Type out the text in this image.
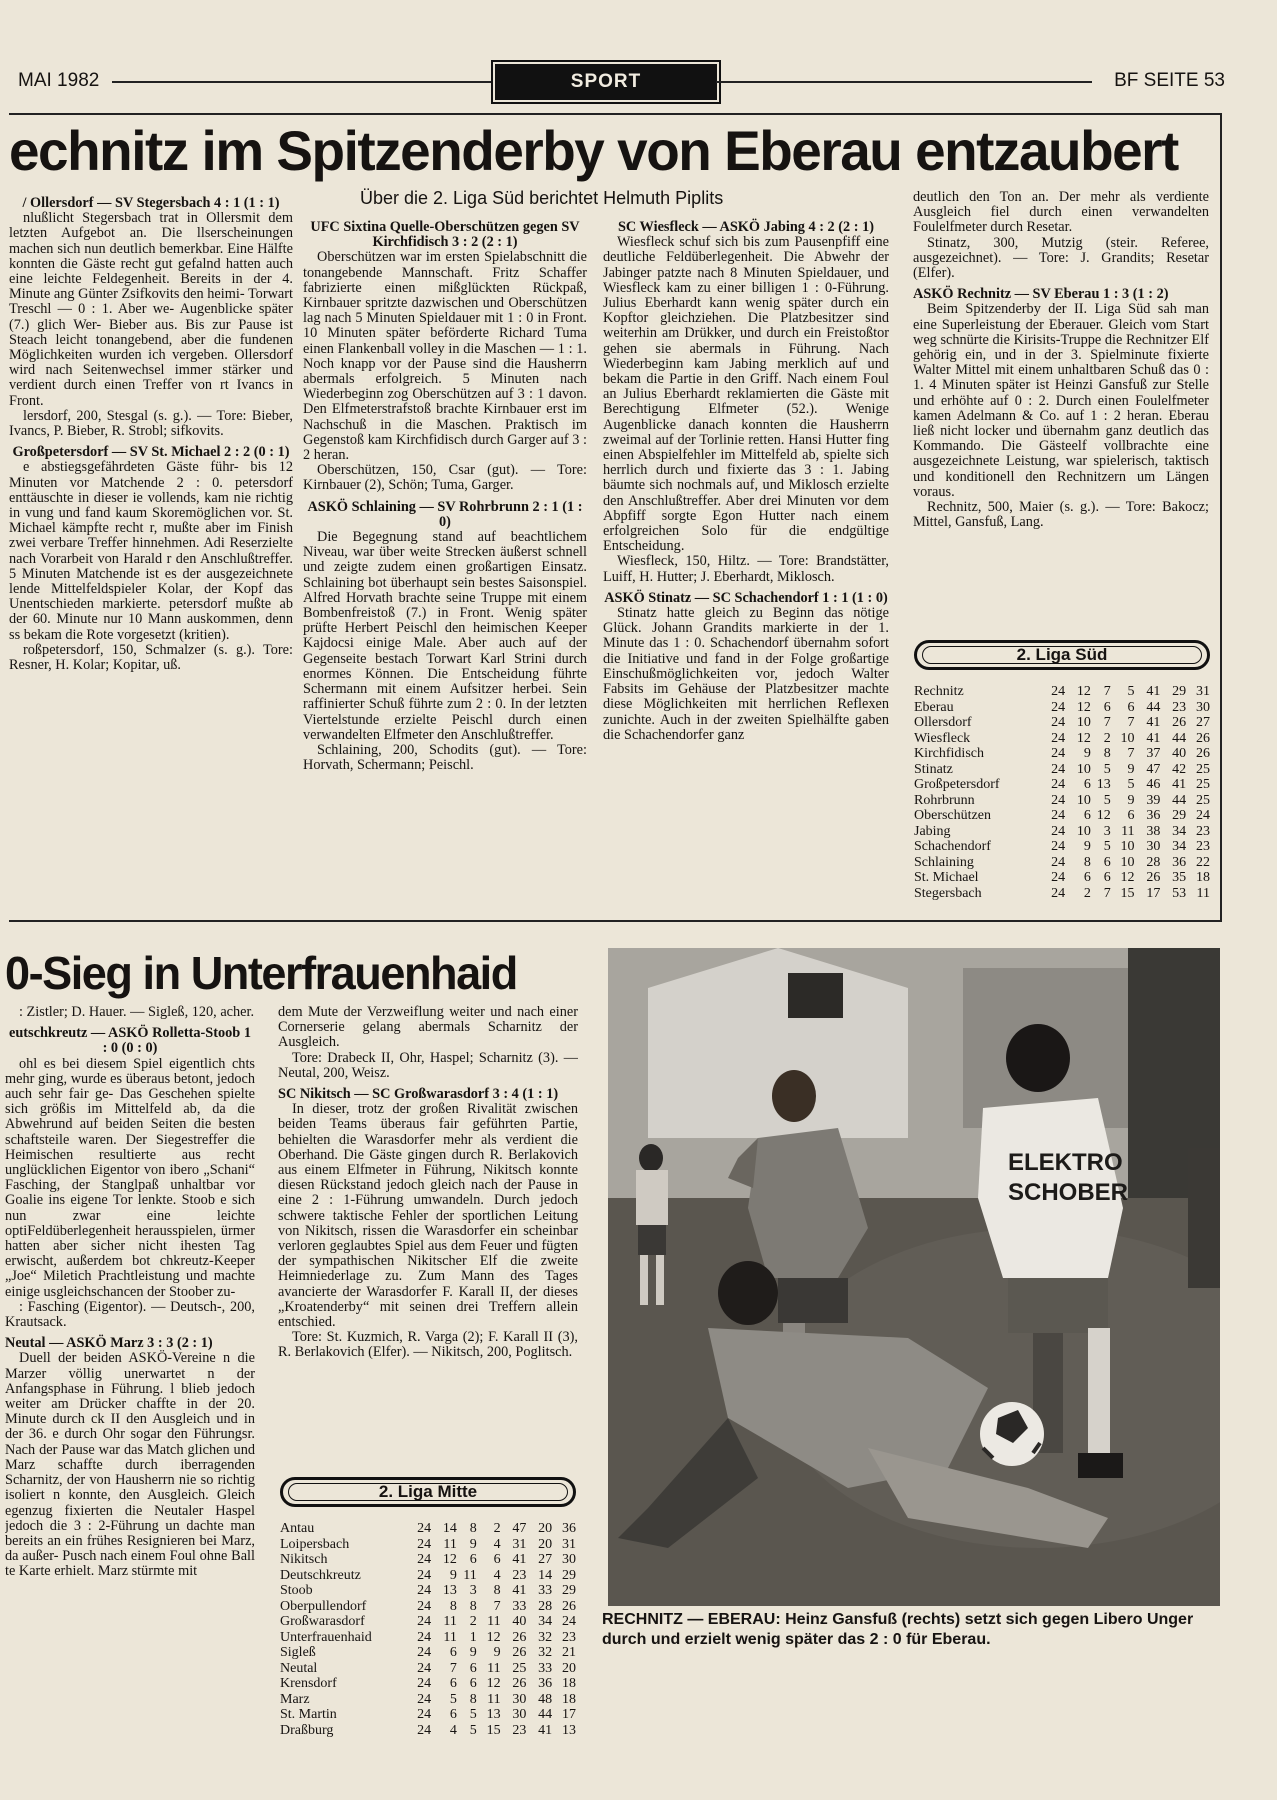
MAI 1982	SPORT	BF SEITE 53
echnitz im Spitzenderby von Eberau entzaubert
Über die 2. Liga Süd berichtet Helmuth Piplits

/ Ollersdorf — SV Stegersbach 4 : 1 (1 : 1)

nlußlicht Stegersbach trat in Ollersmit dem letzten Aufgebot an. Die llserscheinungen machen sich nun deutlich bemerkbar. Eine Hälfte konnten die Gäste recht gut gefalnd hatten auch eine leichte Feldegenheit. Bereits in der 4. Minute ang Günter Zsifkovits den heimi- Torwart Treschl — 0 : 1. Aber we- Augenblicke später (7.) glich Wer- Bieber aus. Bis zur Pause ist Steach leicht tonangebend, aber die fundenen Möglichkeiten wurden ich vergeben. Ollersdorf wird nach Seitenwechsel immer stärker und verdient durch einen Treffer von rt Ivancs in Front.

lersdorf, 200, Stesgal (s. g.). — Tore: Bieber, Ivancs, P. Bieber, R. Strobl; sifkovits.

Großpetersdorf — SV St. Michael 2 : 2 (0 : 1)

e abstiegsgefährdeten Gäste führ- bis 12 Minuten vor Matchende 2 : 0. petersdorf enttäuschte in dieser ie vollends, kam nie richtig in vung und fand kaum Skoremöglichen vor. St. Michael kämpfte recht r, mußte aber im Finish zwei verbare Treffer hinnehmen. Adi Reserzielte nach Vorarbeit von Harald r den Anschlußtreffer. 5 Minuten Matchende ist es der ausgezeichnete lende Mittelfeldspieler Kolar, der Kopf das Unentschieden markierte. petersdorf mußte ab der 60. Minute nur 10 Mann auskommen, denn ss bekam die Rote vorgesetzt (kritien).

roßpetersdorf, 150, Schmalzer (s. g.). Tore: Resner, H. Kolar; Kopitar, uß.

UFC Sixtina Quelle-Oberschützen gegen SV Kirchfidisch 3 : 2 (2 : 1)

Oberschützen war im ersten Spielabschnitt die tonangebende Mannschaft. Fritz Schaffer fabrizierte einen mißglückten Rückpaß, Kirnbauer spritzte dazwischen und Oberschützen lag nach 5 Minuten Spieldauer mit 1 : 0 in Front. 10 Minuten später beförderte Richard Tuma einen Flankenball volley in die Maschen — 1 : 1. Noch knapp vor der Pause sind die Hausherrn abermals erfolgreich. 5 Minuten nach Wiederbeginn zog Oberschützen auf 3 : 1 davon. Den Elfmeterstrafstoß brachte Kirnbauer erst im Nachschuß in die Maschen. Praktisch im Gegenstoß kam Kirchfidisch durch Garger auf 3 : 2 heran.

Oberschützen, 150, Csar (gut). — Tore: Kirnbauer (2), Schön; Tuma, Garger.

ASKÖ Schlaining — SV Rohrbrunn 2 : 1 (1 : 0)

Die Begegnung stand auf beachtlichem Niveau, war über weite Strecken äußerst schnell und zeigte zudem einen großartigen Einsatz. Schlaining bot überhaupt sein bestes Saisonspiel. Alfred Horvath brachte seine Truppe mit einem Bombenfreistoß (7.) in Front. Wenig später prüfte Herbert Peischl den heimischen Keeper Kajdocsi einige Male. Aber auch auf der Gegenseite bestach Torwart Karl Strini durch enormes Können. Die Entscheidung führte Schermann mit einem Aufsitzer herbei. Sein raffinierter Schuß führte zum 2 : 0. In der letzten Viertelstunde erzielte Peischl durch einen verwandelten Elfmeter den Anschlußtreffer.

Schlaining, 200, Schodits (gut). — Tore: Horvath, Schermann; Peischl.

SC Wiesfleck — ASKÖ Jabing 4 : 2 (2 : 1)

Wiesfleck schuf sich bis zum Pausenpfiff eine deutliche Feldüberlegenheit. Die Abwehr der Jabinger patzte nach 8 Minuten Spieldauer, und Wiesfleck kam zu einer billigen 1 : 0-Führung. Julius Eberhardt kann wenig später durch ein Kopftor gleichziehen. Die Platzbesitzer sind weiterhin am Drükker, und durch ein Freistoßtor gehen sie abermals in Führung. Nach Wiederbeginn kam Jabing merklich auf und bekam die Partie in den Griff. Nach einem Foul an Julius Eberhardt reklamierten die Gäste mit Berechtigung Elfmeter (52.). Wenige Augenblicke danach konnten die Hausherrn zweimal auf der Torlinie retten. Hansi Hutter fing einen Abspielfehler im Mittelfeld ab, spielte sich herrlich durch und fixierte das 3 : 1. Jabing bäumte sich nochmals auf, und Miklosch erzielte den Anschlußtreffer. Aber drei Minuten vor dem Abpfiff sorgte Egon Hutter nach einem erfolgreichen Solo für die endgültige Entscheidung.

Wiesfleck, 150, Hiltz. — Tore: Brandstätter, Luiff, H. Hutter; J. Eberhardt, Miklosch.

ASKÖ Stinatz — SC Schachendorf 1 : 1 (1 : 0)

Stinatz hatte gleich zu Beginn das nötige Glück. Johann Grandits markierte in der 1. Minute das 1 : 0. Schachendorf übernahm sofort die Initiative und fand in der Folge großartige Einschußmöglichkeiten vor, jedoch Walter Fabsits im Gehäuse der Platzbesitzer machte diese Möglichkeiten mit herrlichen Reflexen zunichte. Auch in der zweiten Spielhälfte gaben die Schachendorfer ganz

deutlich den Ton an. Der mehr als verdiente Ausgleich fiel durch einen verwandelten Foulelfmeter durch Resetar.

Stinatz, 300, Mutzig (steir. Referee, ausgezeichnet). — Tore: J. Grandits; Resetar (Elfer).

ASKÖ Rechnitz — SV Eberau 1 : 3 (1 : 2)

Beim Spitzenderby der II. Liga Süd sah man eine Superleistung der Eberauer. Gleich vom Start weg schnürte die Kirisits-Truppe die Rechnitzer Elf gehörig ein, und in der 3. Spielminute fixierte Walter Mittel mit einem unhaltbaren Schuß das 0 : 1. 4 Minuten später ist Heinzi Gansfuß zur Stelle und erhöhte auf 0 : 2. Durch einen Foulelfmeter kamen Adelmann & Co. auf 1 : 2 heran. Eberau ließ nicht locker und übernahm ganz deutlich das Kommando. Die Gästeelf vollbrachte eine ausgezeichnete Leistung, war spielerisch, taktisch und konditionell den Rechnitzern um Längen voraus.

Rechnitz, 500, Maier (s. g.). — Tore: Bakocz; Mittel, Gansfuß, Lang.

2. Liga Süd
Rechnitz	24	12	7	5	41	29	31
Eberau	24	12	6	6	44	23	30
Ollersdorf	24	10	7	7	41	26	27
Wiesfleck	24	12	2	10	41	44	26
Kirchfidisch	24	9	8	7	37	40	26
Stinatz	24	10	5	9	47	42	25
Großpetersdorf	24	6	13	5	46	41	25
Rohrbrunn	24	10	5	9	39	44	25
Oberschützen	24	6	12	6	36	29	24
Jabing	24	10	3	11	38	34	23
Schachendorf	24	9	5	10	30	34	23
Schlaining	24	8	6	10	28	36	22
St. Michael	24	6	6	12	26	35	18
Stegersbach	24	2	7	15	17	53	11
0-Sieg in Unterfrauenhaid

: Zistler; D. Hauer. — Sigleß, 120, acher.

eutschkreutz — ASKÖ Rolletta-Stoob 1 : 0 (0 : 0)

ohl es bei diesem Spiel eigentlich chts mehr ging, wurde es überaus betont, jedoch auch sehr fair ge- Das Geschehen spielte sich größis im Mittelfeld ab, da die Abwehrund auf beiden Seiten die besten schaftsteile waren. Der Siegestreffer die Heimischen resultierte aus recht unglücklichen Eigentor von ibero „Schani“ Fasching, der Stanglpaß unhaltbar vor Goalie ins eigene Tor lenkte. Stoob e sich nun zwar eine leichte optiFeldüberlegenheit herausspielen, ürmer hatten aber sicher nicht ihesten Tag erwischt, außerdem bot chkreutz-Keeper „Joe“ Miletich Prachtleistung und machte einige usgleichschancen der Stoober zu-

: Fasching (Eigentor). — Deutsch-, 200, Krautsack.

Neutal — ASKÖ Marz 3 : 3 (2 : 1)

Duell der beiden ASKÖ-Vereine n die Marzer völlig unerwartet n der Anfangsphase in Führung. l blieb jedoch weiter am Drücker chaffte in der 20. Minute durch ck II den Ausgleich und in der 36. e durch Ohr sogar den Führungsr. Nach der Pause war das Match glichen und Marz schaffte durch iberragenden Scharnitz, der von Hausherrn nie so richtig isoliert n konnte, den Ausgleich. Gleich egenzug fixierten die Neutaler Haspel jedoch die 3 : 2-Führung un dachte man bereits an ein frühes Resignieren bei Marz, da außer- Pusch nach einem Foul ohne Ball te Karte erhielt. Marz stürmte mit

dem Mute der Verzweiflung weiter und nach einer Cornerserie gelang abermals Scharnitz der Ausgleich.

Tore: Drabeck II, Ohr, Haspel; Scharnitz (3). — Neutal, 200, Weisz.

SC Nikitsch — SC Großwarasdorf 3 : 4 (1 : 1)

In dieser, trotz der großen Rivalität zwischen beiden Teams überaus fair geführten Partie, behielten die Warasdorfer mehr als verdient die Oberhand. Die Gäste gingen durch R. Berlakovich aus einem Elfmeter in Führung, Nikitsch konnte diesen Rückstand jedoch gleich nach der Pause in eine 2 : 1-Führung umwandeln. Durch jedoch schwere taktische Fehler der sportlichen Leitung von Nikitsch, rissen die Warasdorfer ein scheinbar verloren geglaubtes Spiel aus dem Feuer und fügten der sympathischen Nikitscher Elf die zweite Heimniederlage zu. Zum Mann des Tages avancierte der Warasdorfer F. Karall II, der dieses „Kroatenderby“ mit seinen drei Treffern allein entschied.

Tore: St. Kuzmich, R. Varga (2); F. Karall II (3), R. Berlakovich (Elfer). — Nikitsch, 200, Poglitsch.

2. Liga Mitte
Antau	24	14	8	2	47	20	36
Loipersbach	24	11	9	4	31	20	31
Nikitsch	24	12	6	6	41	27	30
Deutschkreutz	24	9	11	4	23	14	29
Stoob	24	13	3	8	41	33	29
Oberpullendorf	24	8	8	7	33	28	26
Großwarasdorf	24	11	2	11	40	34	24
Unterfrauenhaid	24	11	1	12	26	32	23
Sigleß	24	6	9	9	26	32	21
Neutal	24	7	6	11	25	33	20
Krensdorf	24	6	6	12	26	36	18
Marz	24	5	8	11	30	48	18
St. Martin	24	6	5	13	30	44	17
Draßburg	24	4	5	15	23	41	13
ELEKTRO
SCHOBER
RECHNITZ — EBERAU: Heinz Gansfuß (rechts) setzt sich gegen Libero Unger durch und erzielt wenig später das 2 : 0 für Eberau.
